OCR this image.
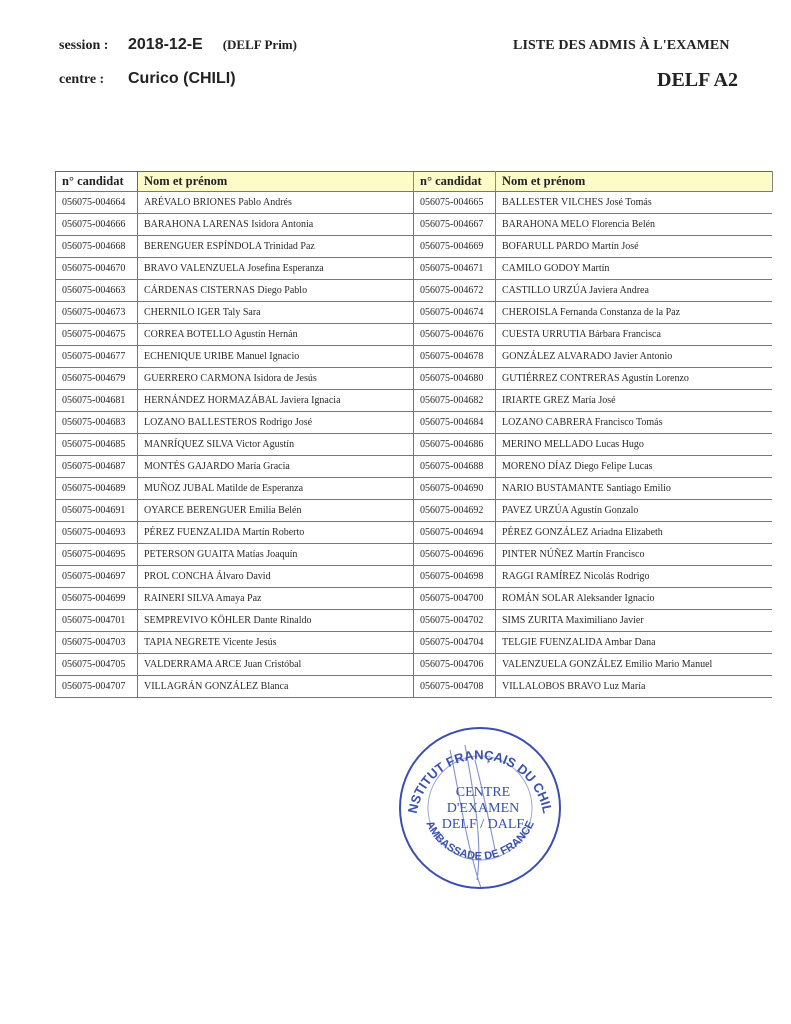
session :	2018-12-E (DELF Prim)
centre :	Curico (CHILI)
LISTE DES ADMIS À L'EXAMEN
DELF A2
n° candidat	Nom et prénom	n° candidat	Nom et prénom
056075-004664	ARÉVALO BRIONES Pablo Andrés	056075-004665	BALLESTER VILCHES José Tomás
056075-004666	BARAHONA LARENAS Isidora Antonia	056075-004667	BARAHONA MELO Florencia Belén
056075-004668	BERENGUER ESPÍNDOLA Trinidad Paz	056075-004669	BOFARULL PARDO Martín José
056075-004670	BRAVO VALENZUELA Josefina Esperanza	056075-004671	CAMILO GODOY Martín
056075-004663	CÁRDENAS CISTERNAS Diego Pablo	056075-004672	CASTILLO URZÚA Javiera Andrea
056075-004673	CHERNILO IGER Taly Sara	056075-004674	CHEROISLA Fernanda Constanza de la Paz
056075-004675	CORREA BOTELLO Agustín Hernán	056075-004676	CUESTA URRUTIA Bárbara Francisca
056075-004677	ECHENIQUE URIBE Manuel Ignacio	056075-004678	GONZÁLEZ ALVARADO Javier Antonio
056075-004679	GUERRERO CARMONA Isidora de Jesús	056075-004680	GUTIÉRREZ CONTRERAS Agustín Lorenzo
056075-004681	HERNÁNDEZ HORMAZÁBAL Javiera Ignacia	056075-004682	IRIARTE GREZ María José
056075-004683	LOZANO BALLESTEROS Rodrigo José	056075-004684	LOZANO CABRERA Francisco Tomás
056075-004685	MANRÍQUEZ SILVA Victor Agustín	056075-004686	MERINO MELLADO Lucas Hugo
056075-004687	MONTÉS GAJARDO María Gracia	056075-004688	MORENO DÍAZ Diego Felipe Lucas
056075-004689	MUÑOZ JUBAL Matilde de Esperanza	056075-004690	NARIO BUSTAMANTE Santiago Emilio
056075-004691	OYARCE BERENGUER Emilia Belén	056075-004692	PAVEZ URZÚA Agustín Gonzalo
056075-004693	PÉREZ FUENZALIDA Martín Roberto	056075-004694	PÉREZ GONZÁLEZ Ariadna Elizabeth
056075-004695	PETERSON GUAITA Matías Joaquín	056075-004696	PINTER NÚÑEZ Martín Francisco
056075-004697	PROL CONCHA Álvaro David	056075-004698	RAGGI RAMÍREZ Nicolás Rodrigo
056075-004699	RAINERI SILVA Amaya Paz	056075-004700	ROMÁN SOLAR Aleksander Ignacio
056075-004701	SEMPREVIVO KÖHLER Dante Rinaldo	056075-004702	SIMS ZURITA Maximiliano Javier
056075-004703	TAPIA NEGRETE Vicente Jesús	056075-004704	TELGIE FUENZALIDA Ambar Dana
056075-004705	VALDERRAMA ARCE Juan Cristóbal	056075-004706	VALENZUELA GONZÁLEZ Emilio Mario Manuel
056075-004707	VILLAGRÁN GONZÁLEZ Blanca	056075-004708	VILLALOBOS BRAVO Luz María
NSTITUT FRANÇAIS DU CHIL
AMBASSADE DE FRANCE
CENTRE
D'EXAMEN
DELF / DALF
